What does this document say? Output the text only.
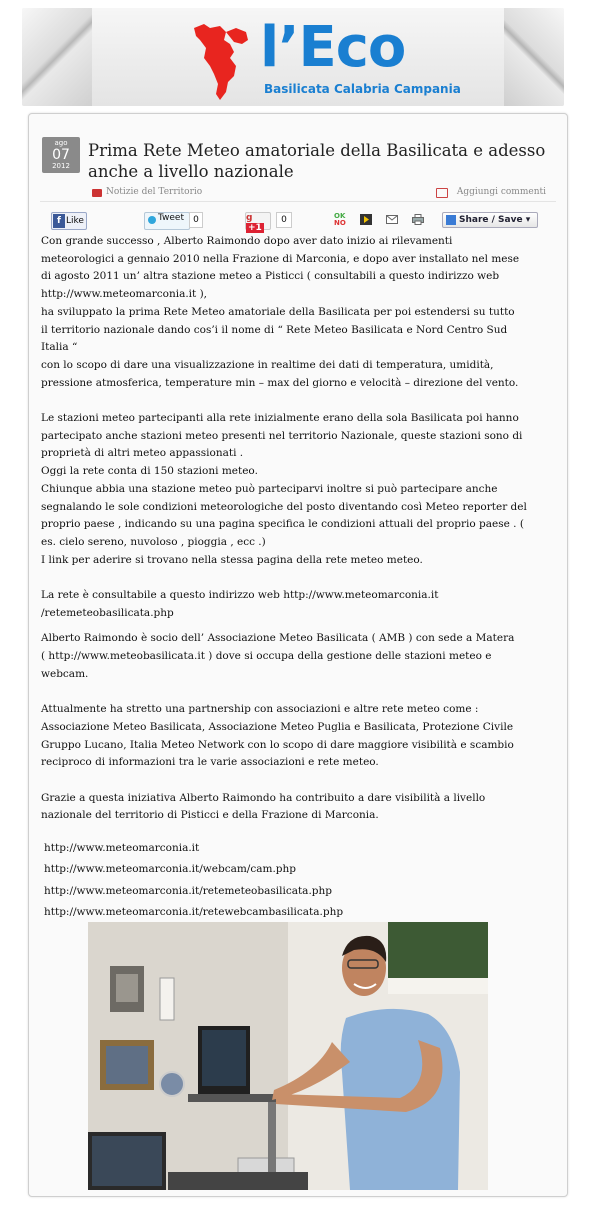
l’Eco
Basilicata Calabria Campania
ago
07
2012
Prima Rete Meteo amatoriale della Basilicata e adesso anche a livello nazionale
Notizie del Territorio	Aggiungi commenti
f Like	Tweet	0	g+1
0	OK
NO	Share / Save ▾

Con grande successo , Alberto Raimondo dopo aver dato inizio ai rilevamenti
meteorologici a gennaio 2010 nella Frazione di Marconia, e dopo aver installato nel mese
di agosto 2011 un’ altra stazione meteo a Pisticci ( consultabili a questo indirizzo web
http://www.meteomarconia.it ),
ha sviluppato la prima Rete Meteo amatoriale della Basilicata per poi estendersi su tutto
il territorio nazionale dando cos’i il nome di “ Rete Meteo Basilicata e Nord Centro Sud
Italia “
con lo scopo di dare una visualizzazione in realtime dei dati di temperatura, umidità,
pressione atmosferica, temperature min – max del giorno e velocità – direzione del vento.

Le stazioni meteo partecipanti alla rete inizialmente erano della sola Basilicata poi hanno
partecipato anche stazioni meteo presenti nel territorio Nazionale, queste stazioni sono di
proprietà di altri meteo appassionati .
Oggi la rete conta di 150 stazioni meteo.
Chiunque abbia una stazione meteo può parteciparvi inoltre si può partecipare anche
segnalando le sole condizioni meteorologiche del posto diventando così Meteo reporter del
proprio paese , indicando su una pagina specifica le condizioni attuali del proprio paese . (
es. cielo sereno, nuvoloso , pioggia , ecc .)
I link per aderire si trovano nella stessa pagina della rete meteo meteo.

La rete è consultabile a questo indirizzo web http://www.meteomarconia.it
/retemeteobasilicata.php

Alberto Raimondo è socio dell’ Associazione Meteo Basilicata ( AMB ) con sede a Matera
( http://www.meteobasilicata.it ) dove si occupa della gestione delle stazioni meteo e
webcam.

Attualmente ha stretto una partnership con associazioni e altre rete meteo come :
Associazione Meteo Basilicata, Associazione Meteo Puglia e Basilicata, Protezione Civile
Gruppo Lucano, Italia Meteo Network con lo scopo di dare maggiore visibilità e scambio
reciproco di informazioni tra le varie associazioni e rete meteo.

Grazie a questa iniziativa Alberto Raimondo ha contribuito a dare visibilità a livello
nazionale del territorio di Pisticci e della Frazione di Marconia.

http://www.meteomarconia.it
http://www.meteomarconia.it/webcam/cam.php
http://www.meteomarconia.it/retemeteobasilicata.php
http://www.meteomarconia.it/retewebcambasilicata.php
